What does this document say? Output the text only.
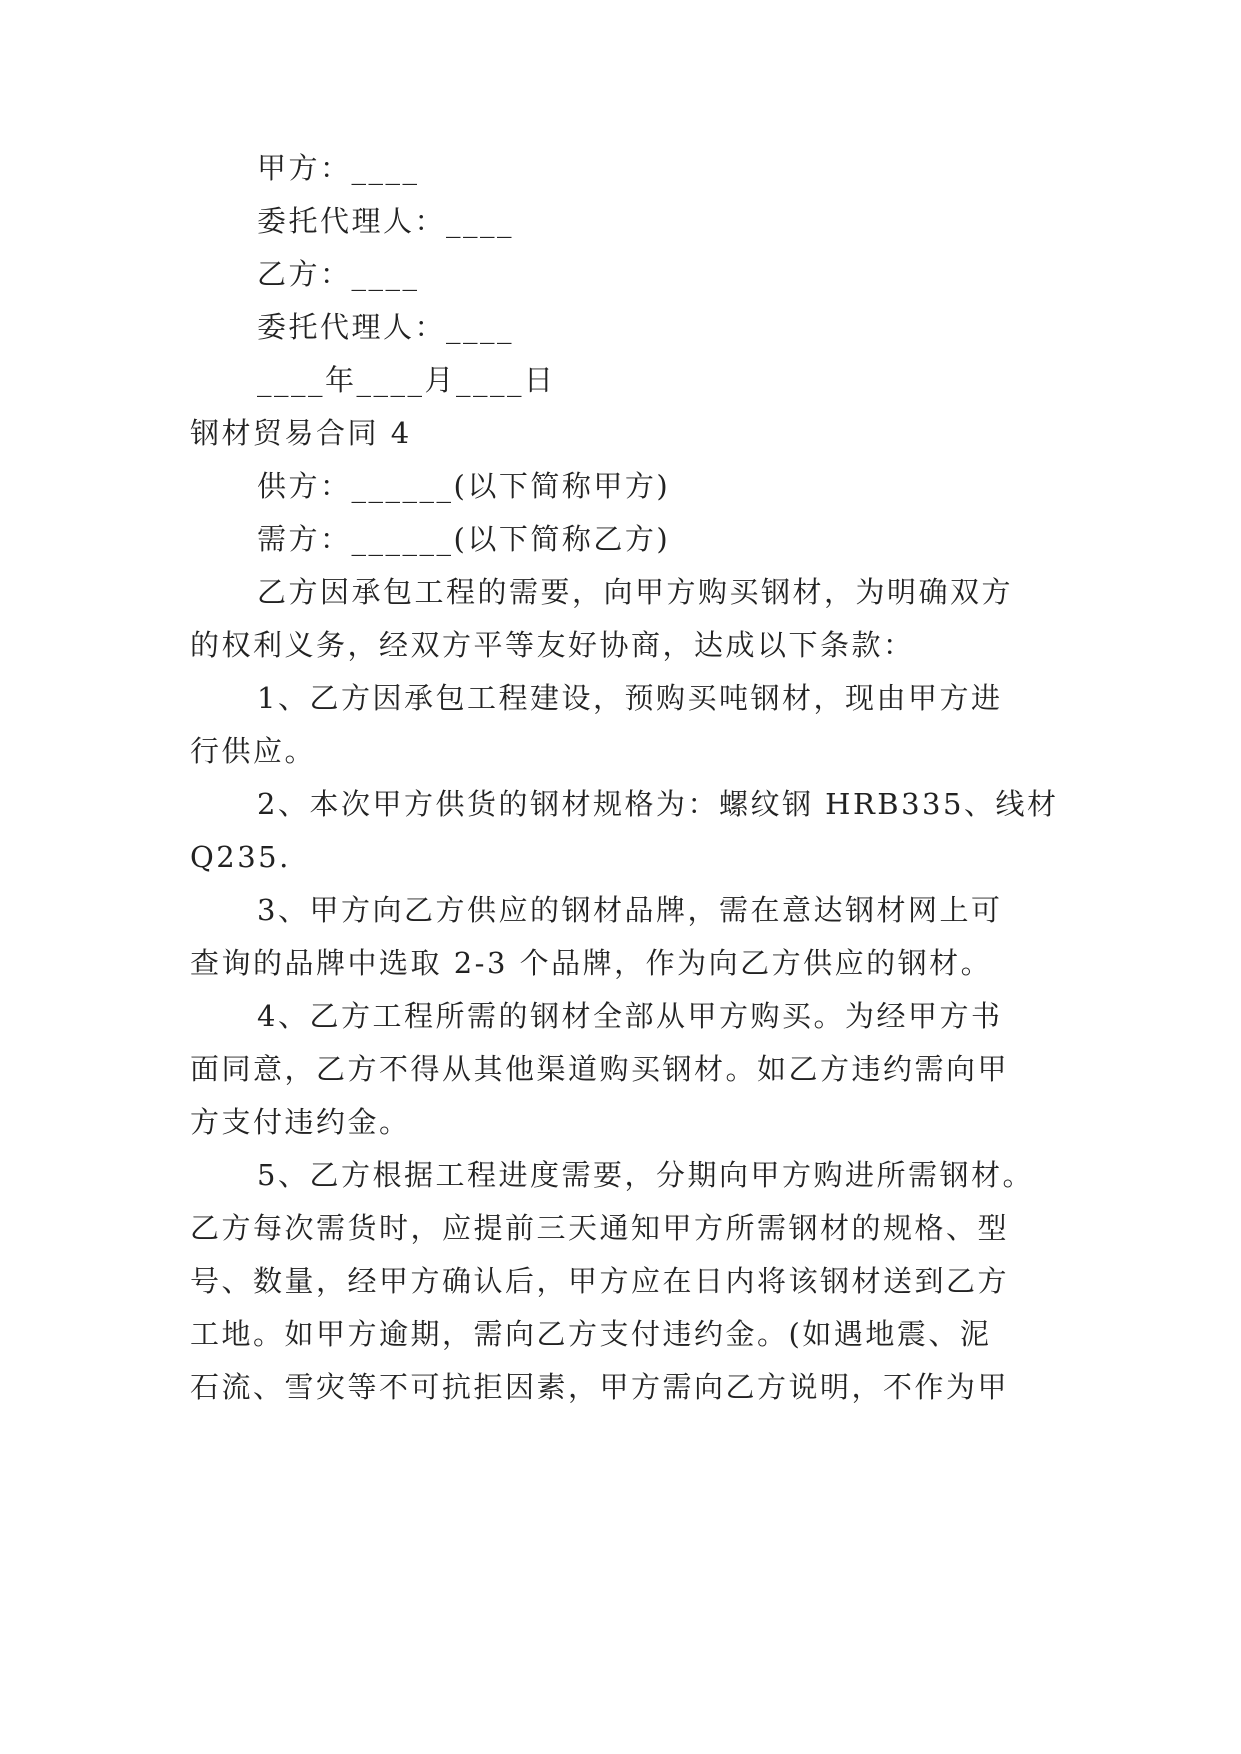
甲方：____
委托代理人：____
乙方：____
委托代理人：____
____年____月____日
钢材贸易合同 4
供方：______(以下简称甲方)
需方：______(以下简称乙方)
乙方因承包工程的需要，向甲方购买钢材，为明确双方
的权利义务，经双方平等友好协商，达成以下条款：
1、乙方因承包工程建设，预购买吨钢材，现由甲方进
行供应。
2、本次甲方供货的钢材规格为：螺纹钢 HRB335、线材
Q235.
3、甲方向乙方供应的钢材品牌，需在意达钢材网上可
查询的品牌中选取 2-3 个品牌，作为向乙方供应的钢材。
4、乙方工程所需的钢材全部从甲方购买。为经甲方书
面同意，乙方不得从其他渠道购买钢材。如乙方违约需向甲
方支付违约金。
5、乙方根据工程进度需要，分期向甲方购进所需钢材。
乙方每次需货时，应提前三天通知甲方所需钢材的规格、型
号、数量，经甲方确认后，甲方应在日内将该钢材送到乙方
工地。如甲方逾期，需向乙方支付违约金。(如遇地震、泥
石流、雪灾等不可抗拒因素，甲方需向乙方说明，不作为甲
